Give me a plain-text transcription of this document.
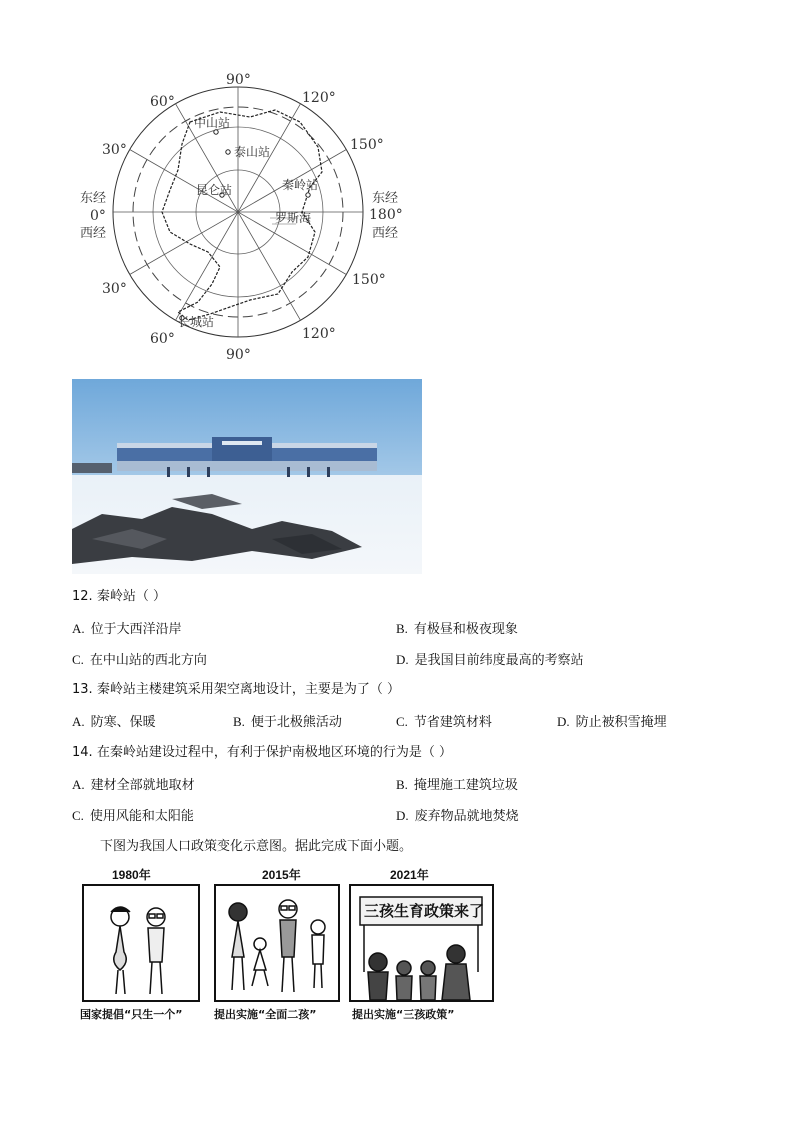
90°
90°
60°	120°
30°	150°
30°
150°
60°	120°
东经
0°
西经
东经
180°
西经
中山站
泰山站
昆仑站	秦岭站
罗斯海
长城站
12. 秦岭站（ ）
A. 位于大西洋沿岸	B. 有极昼和极夜现象
C. 在中山站的西北方向	D. 是我国目前纬度最高的考察站
13. 秦岭站主楼建筑采用架空离地设计，主要是为了（ ）
A. 防寒、保暖	B. 便于北极熊活动	C. 节省建筑材料	D. 防止被积雪掩埋
14. 在秦岭站建设过程中，有利于保护南极地区环境的行为是（ ）
A. 建材全部就地取材	B. 掩埋施工建筑垃圾
C. 使用风能和太阳能	D. 废弃物品就地焚烧
下图为我国人口政策变化示意图。据此完成下面小题。
1980年	2015年	2021年
三孩生育政策来了
国家提倡“只生一个”	提出实施“全面二孩”	提出实施“三孩政策”
